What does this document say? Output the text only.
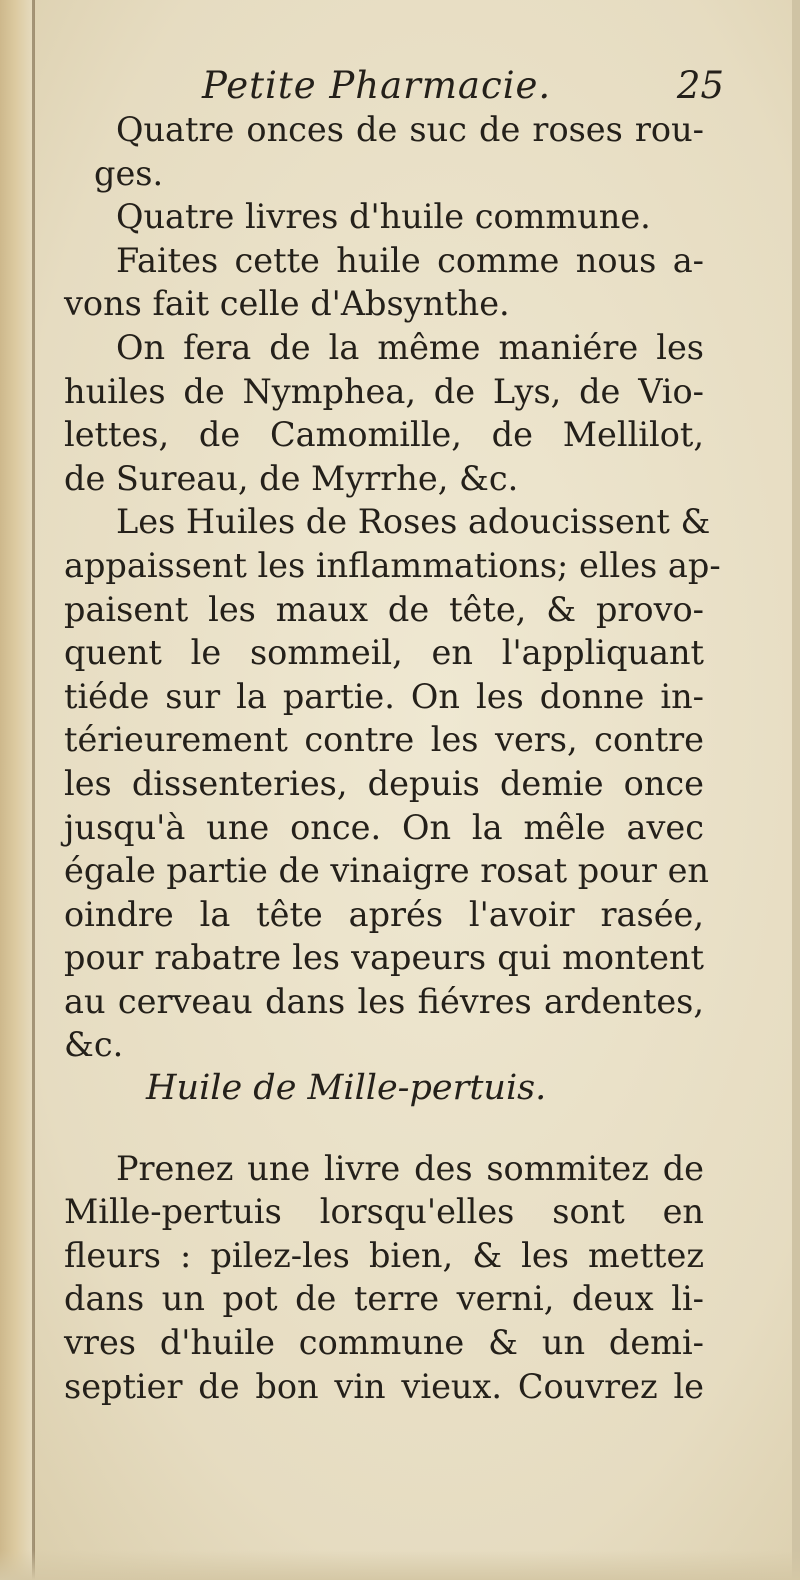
Petite Pharmacie.	25
Quatre onces de suc de roses rou-
ges.
Quatre livres d'huile commune.
Faites cette huile comme nous a-
vons fait celle d'Absynthe.
On fera de la même maniére les
huiles de Nymphea, de Lys, de Vio-
lettes, de Camomille, de Mellilot,
de Sureau, de Myrrhe, &c.
Les Huiles de Roses adoucissent &
appaissent les inflammations; elles ap-
paisent les maux de tête, & provo-
quent le sommeil, en l'appliquant
tiéde sur la partie. On les donne in-
térieurement contre les vers, contre
les dissenteries, depuis demie once
jusqu'à une once. On la mêle avec
égale partie de vinaigre rosat pour en
oindre la tête aprés l'avoir rasée,
pour rabatre les vapeurs qui montent
au cerveau dans les fiévres ardentes,
&c.
Huile de Mille-pertuis.
Prenez une livre des sommitez de
Mille-pertuis lorsqu'elles sont en
fleurs : pilez-les bien, & les mettez
dans un pot de terre verni, deux li-
vres d'huile commune & un demi-
septier de bon vin vieux. Couvrez le
